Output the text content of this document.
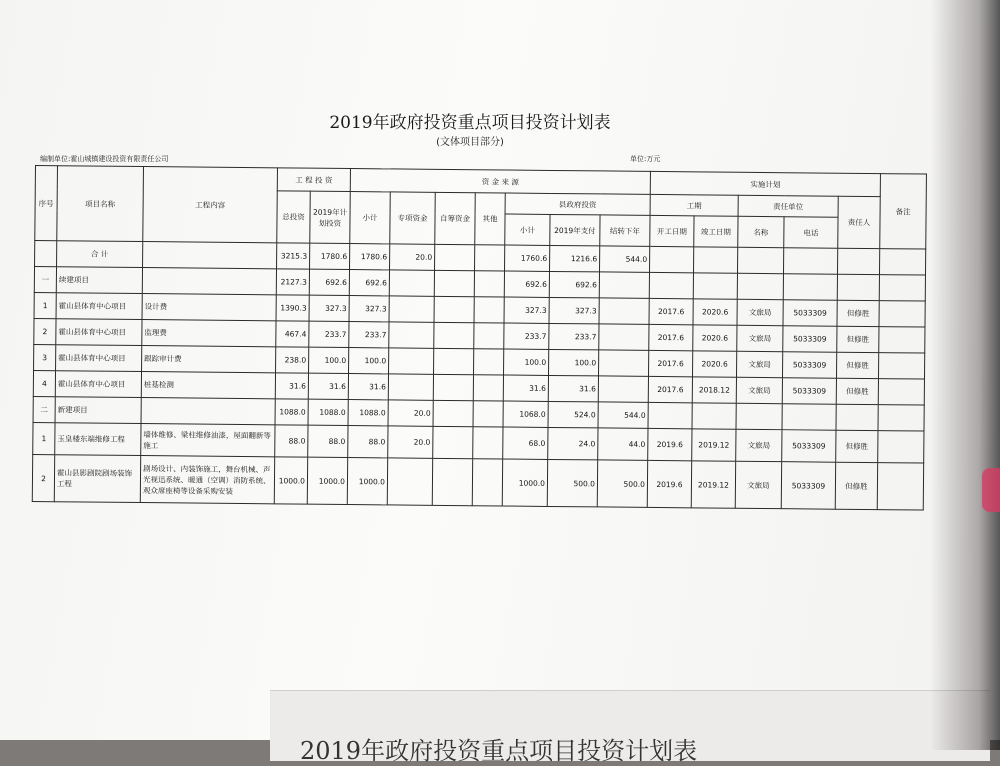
2019年政府投资重点项目投资计划表
2019年政府投资重点项目投资计划表
(文体项目部分)
编制单位:霍山城镇建设投资有限责任公司	单位:万元
序号	项目名称	工程内容	工 程 投 资		资 金 来 源							实施计划					备注
			总投资	2019年计划投资	小计	专项资金	自筹资金	其他	县政府投资			工期		责任单位		责任人	
									小计	2019年支付	结转下年	开工日期	竣工日期	名称	电话		
	合 计		3215.3	1780.6	1780.6	20.0			1760.6	1216.6	544.0						
一	续建项目		2127.3	692.6	692.6				692.6	692.6							
1	霍山县体育中心项目	设计费	1390.3	327.3	327.3				327.3	327.3		2017.6	2020.6	文旅局	5033309	但修胜	
2	霍山县体育中心项目	监理费	467.4	233.7	233.7				233.7	233.7		2017.6	2020.6	文旅局	5033309	但修胜	
3	霍山县体育中心项目	跟踪审计费	238.0	100.0	100.0				100.0	100.0		2017.6	2020.6	文旅局	5033309	但修胜	
4	霍山县体育中心项目	桩基检测	31.6	31.6	31.6				31.6	31.6		2017.6	2018.12	文旅局	5033309	但修胜	
二	新建项目		1088.0	1088.0	1088.0	20.0			1068.0	524.0	544.0						
1	玉皇楼东端维修工程	墙体维修、梁柱维修油漆，屋面翻新等施工	88.0	88.0	88.0	20.0			68.0	24.0	44.0	2019.6	2019.12	文旅局	5033309	但修胜	
2	霍山县影剧院剧场装饰工程	剧场设计、内装饰施工，舞台机械、声光视迅系统、暖通（空调）消防系统、观众席座椅等设备采购安装	1000.0	1000.0	1000.0				1000.0	500.0	500.0	2019.6	2019.12	文旅局	5033309	但修胜	
